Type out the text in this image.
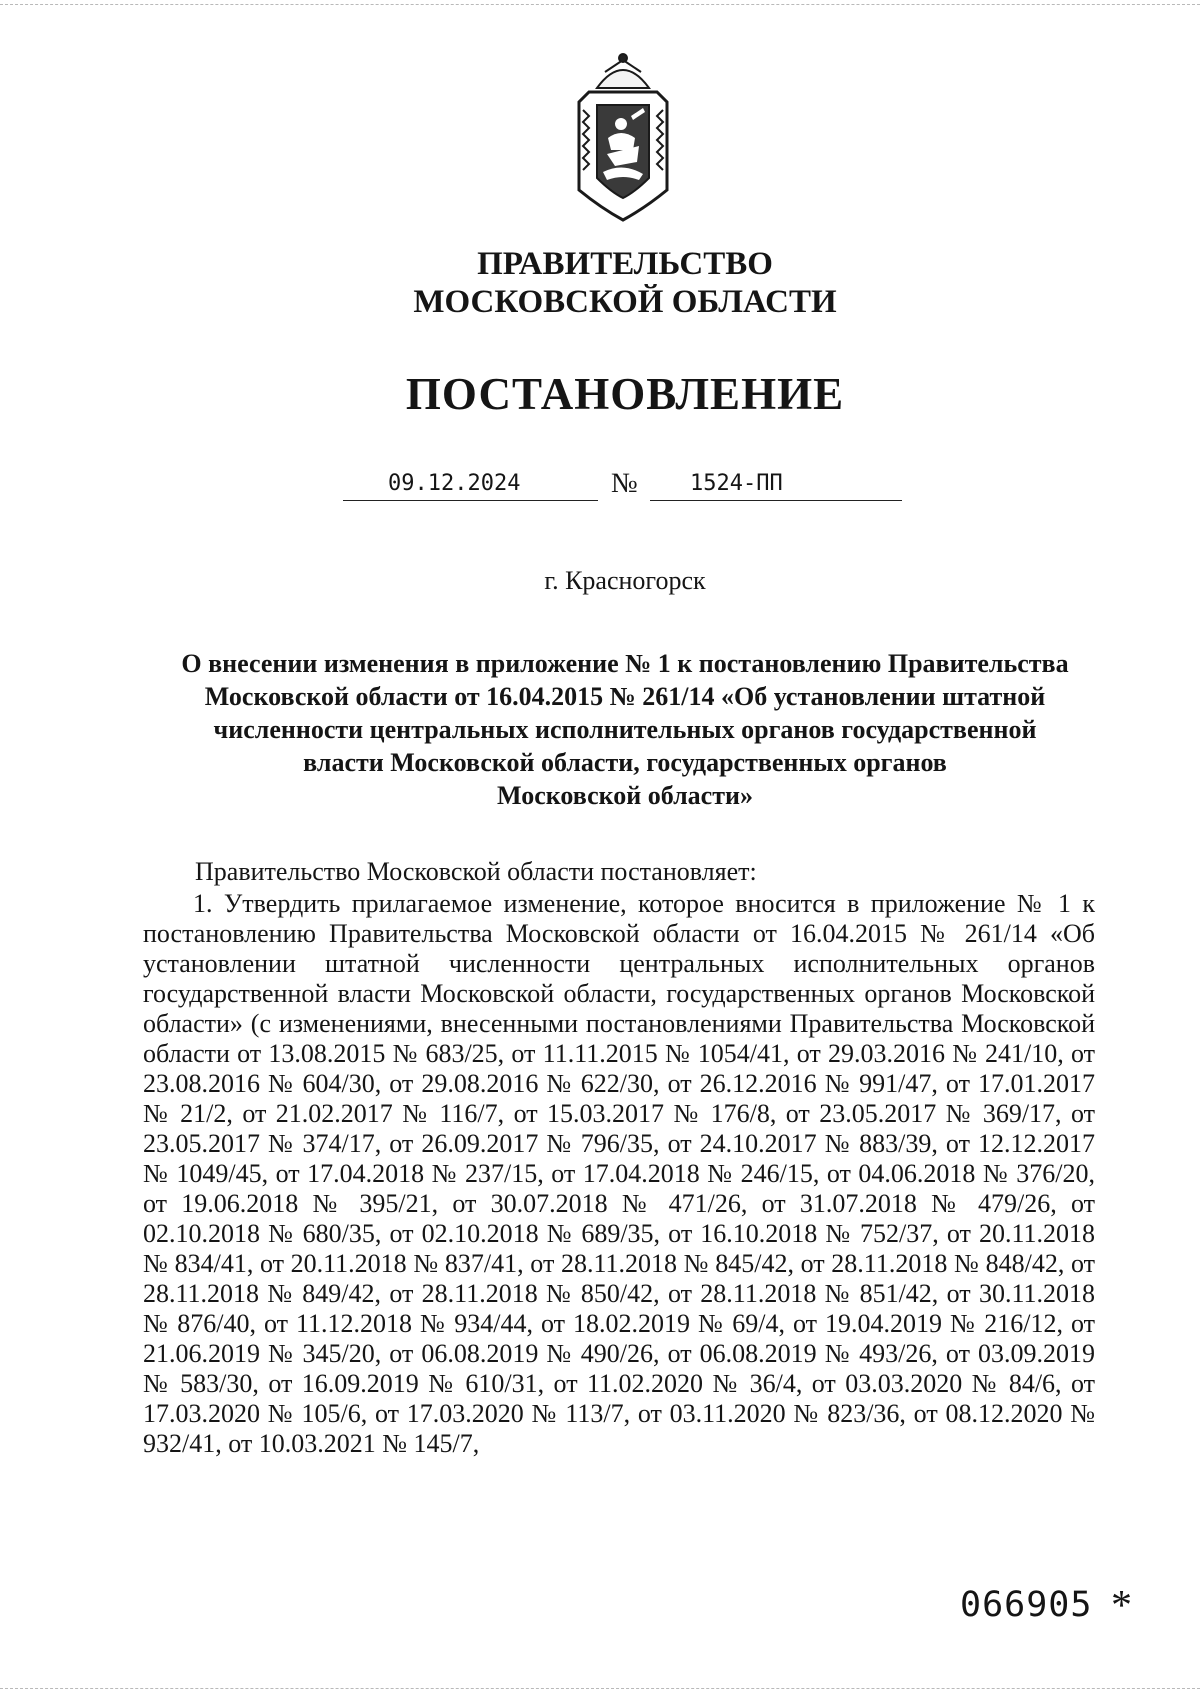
ПРАВИТЕЛЬСТВО
МОСКОВСКОЙ ОБЛАСТИ
ПОСТАНОВЛЕНИЕ
09.12.2024	№ 1524-ПП
г. Красногорск
О внесении изменения в приложение № 1 к постановлению Правительства
Московской области от 16.04.2015 № 261/14 «Об установлении штатной
численности центральных исполнительных органов государственной
власти Московской области, государственных органов
Московской области»
Правительство Московской области постановляет:
1. Утвердить прилагаемое изменение, которое вносится в приложение № 1 к постановлению Правительства Московской области от 16.04.2015 № 261/14 «Об установлении штатной численности центральных исполнительных органов государственной власти Московской области, государственных органов Московской области» (с изменениями, внесенными постановлениями Правительства Московской области от 13.08.2015 № 683/25, от 11.11.2015 № 1054/41, от 29.03.2016 № 241/10, от 23.08.2016 № 604/30, от 29.08.2016 № 622/30, от 26.12.2016 № 991/47, от 17.01.2017 № 21/2, от 21.02.2017 № 116/7, от 15.03.2017 № 176/8, от 23.05.2017 № 369/17, от 23.05.2017 № 374/17, от 26.09.2017 № 796/35, от 24.10.2017 № 883/39, от 12.12.2017 № 1049/45, от 17.04.2018 № 237/15, от 17.04.2018 № 246/15, от 04.06.2018 № 376/20, от 19.06.2018 № 395/21, от 30.07.2018 № 471/26, от 31.07.2018 № 479/26, от 02.10.2018 № 680/35, от 02.10.2018 № 689/35, от 16.10.2018 № 752/37, от 20.11.2018 № 834/41, от 20.11.2018 № 837/41, от 28.11.2018 № 845/42, от 28.11.2018 № 848/42, от 28.11.2018 № 849/42, от 28.11.2018 № 850/42, от 28.11.2018 № 851/42, от 30.11.2018 № 876/40, от 11.12.2018 № 934/44, от 18.02.2019 № 69/4, от 19.04.2019 № 216/12, от 21.06.2019 № 345/20, от 06.08.2019 № 490/26, от 06.08.2019 № 493/26, от 03.09.2019 № 583/30, от 16.09.2019 № 610/31, от 11.02.2020 № 36/4, от 03.03.2020 № 84/6, от 17.03.2020 № 105/6, от 17.03.2020 № 113/7, от 03.11.2020 № 823/36, от 08.12.2020 № 932/41, от 10.03.2021 № 145/7,
066905 *
